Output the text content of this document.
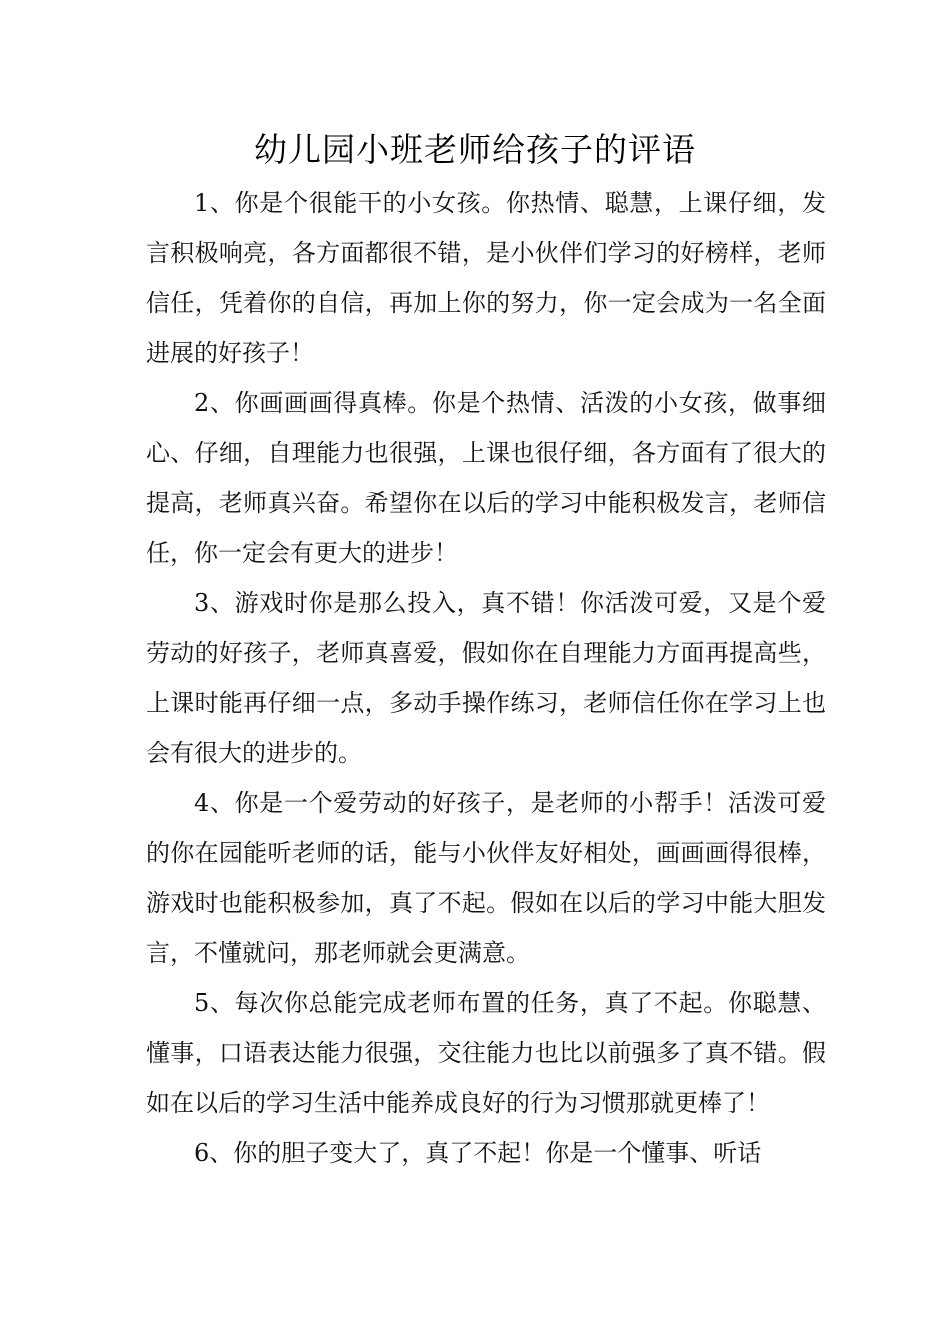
幼儿园小班老师给孩子的评语

1、你是个很能干的小女孩。你热情、聪慧，上课仔细，发言积极响亮，各方面都很不错，是小伙伴们学习的好榜样，老师信任，凭着你的自信，再加上你的努力，你一定会成为一名全面进展的好孩子！

2、你画画画得真棒。你是个热情、活泼的小女孩，做事细心、仔细，自理能力也很强，上课也很仔细，各方面有了很大的提高，老师真兴奋。希望你在以后的学习中能积极发言，老师信任，你一定会有更大的进步！

3、游戏时你是那么投入，真不错！你活泼可爱，又是个爱劳动的好孩子，老师真喜爱，假如你在自理能力方面再提高些，上课时能再仔细一点，多动手操作练习，老师信任你在学习上也会有很大的进步的。

4、你是一个爱劳动的好孩子，是老师的小帮手！活泼可爱的你在园能听老师的话，能与小伙伴友好相处，画画画得很棒，游戏时也能积极参加，真了不起。假如在以后的学习中能大胆发言，不懂就问，那老师就会更满意。

5、每次你总能完成老师布置的任务，真了不起。你聪慧、懂事，口语表达能力很强，交往能力也比以前强多了真不错。假如在以后的学习生活中能养成良好的行为习惯那就更棒了！

6、你的胆子变大了，真了不起！你是一个懂事、听话
